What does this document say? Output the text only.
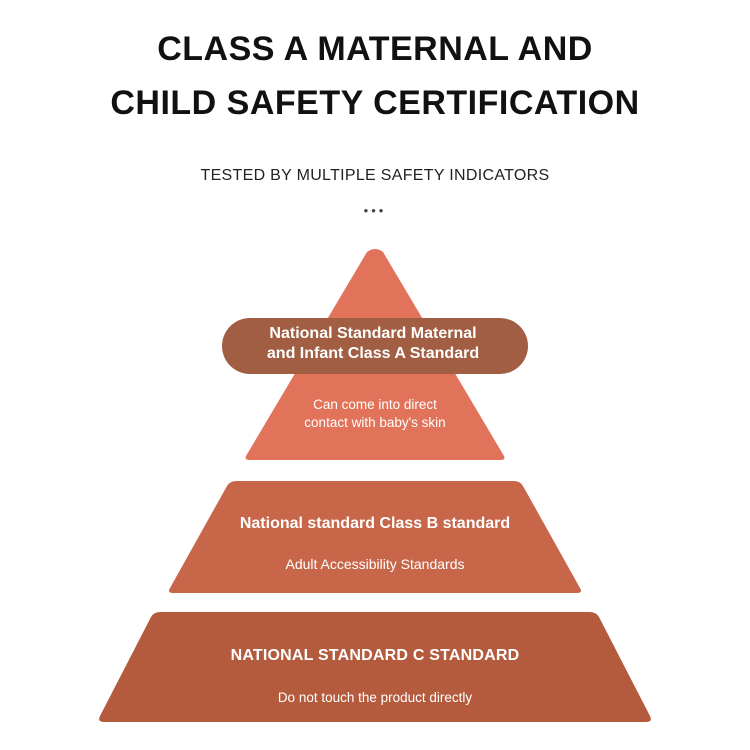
CLASS A MATERNAL AND
CHILD SAFETY CERTIFICATION
TESTED BY MULTIPLE SAFETY INDICATORS
•••
National Standard Maternal
and Infant Class A Standard
Can come into direct
contact with baby's skin
National standard Class B standard
Adult Accessibility Standards
NATIONAL STANDARD C STANDARD
Do not touch the product directly
